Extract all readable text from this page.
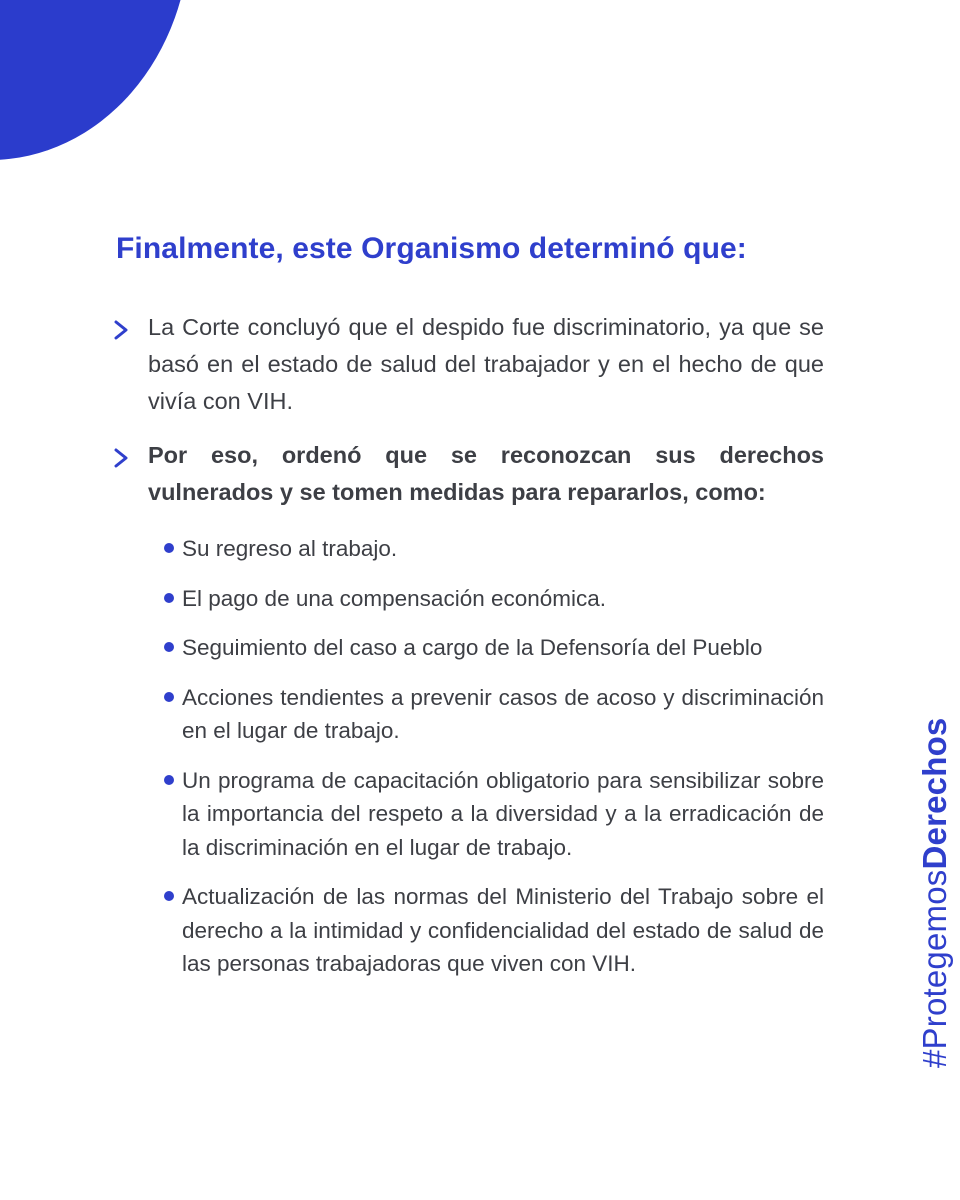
Finalmente, este Organismo determinó que:
La Corte concluyó que el despido fue discriminatorio, ya que se basó en el estado de salud del trabajador y en el hecho de que vivía con VIH.
Por eso, ordenó que se reconozcan sus derechos vulnerados y se tomen medidas para repararlos, como:
Su regreso al trabajo.
El pago de una compensación económica.
Seguimiento del caso a cargo de la Defensoría del Pueblo
Acciones tendientes a prevenir casos de acoso y discriminación en el lugar de trabajo.
Un programa de capacitación obligatorio para sensibilizar sobre la importancia del respeto a la diversidad y a la erradicación de la discriminación en el lugar de trabajo.
Actualización de las normas del Ministerio del Trabajo sobre el derecho a la intimidad y confidencialidad del estado de salud de las personas trabajadoras que viven con VIH.	#ProtegemosDerechos
